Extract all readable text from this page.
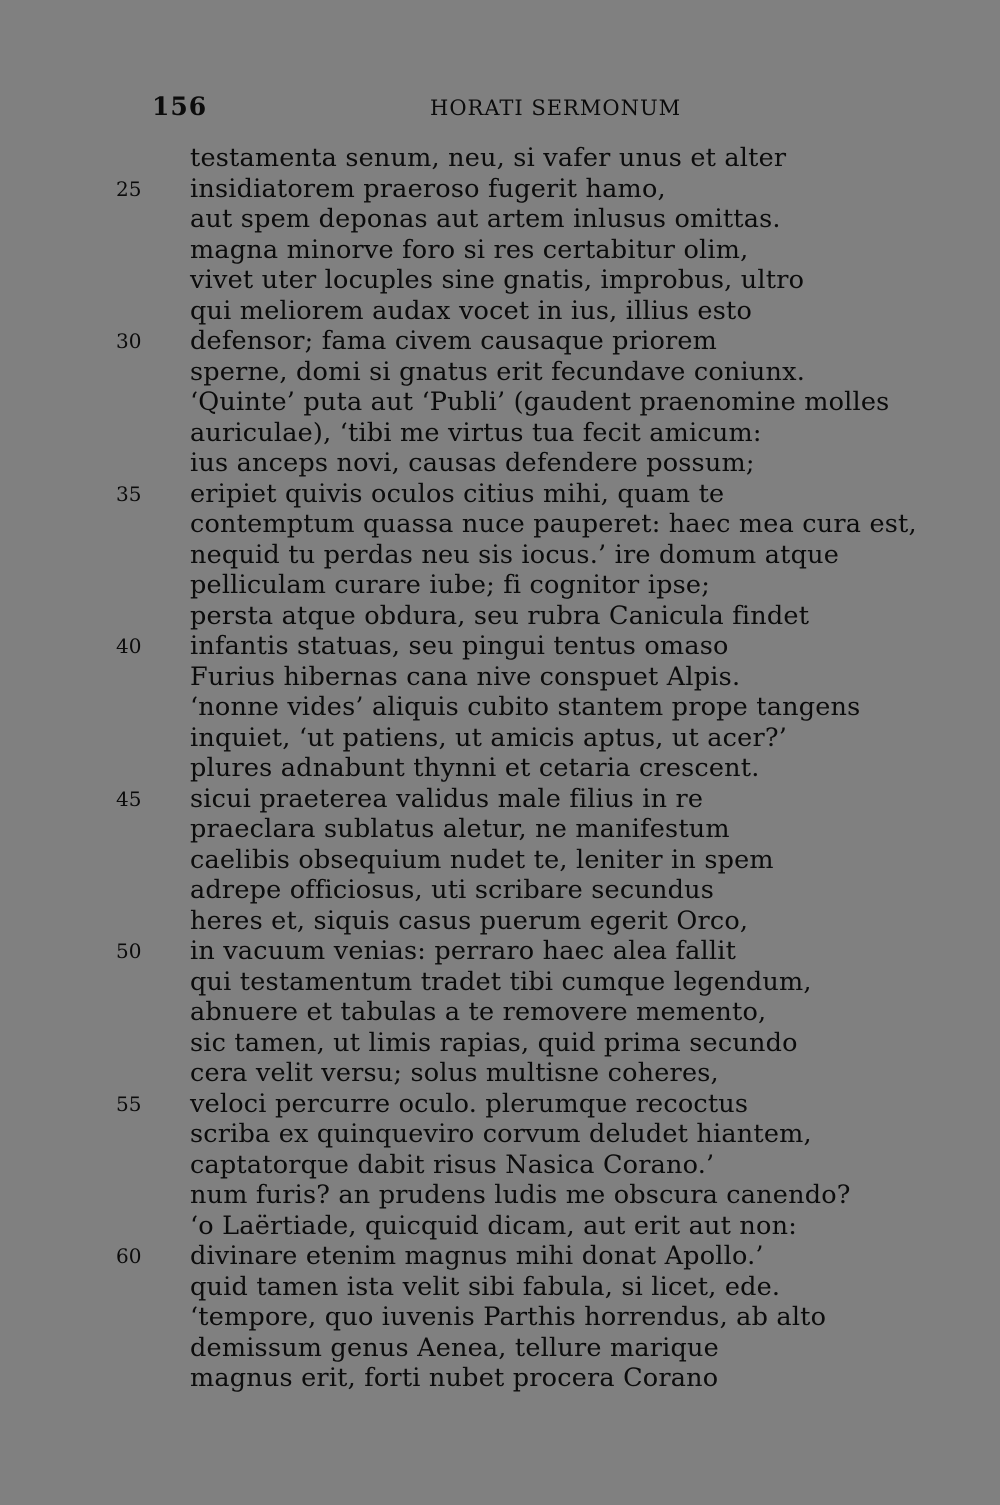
156	HORATI SERMONUM
testamenta senum, neu, si vafer unus et alter
25	insidiatorem praeroso fugerit hamo,
aut spem deponas aut artem inlusus omittas.
magna minorve foro si res certabitur olim,
vivet uter locuples sine gnatis, improbus, ultro
qui meliorem audax vocet in ius, illius esto
30	defensor; fama civem causaque priorem
sperne, domi si gnatus erit fecundave coniunx.
‘Quinte’ puta aut ‘Publi’ (gaudent praenomine molles
auriculae), ‘tibi me virtus tua fecit amicum:
ius anceps novi, causas defendere possum;
35	eripiet quivis oculos citius mihi, quam te
contemptum quassa nuce pauperet: haec mea cura est,
nequid tu perdas neu sis iocus.’ ire domum atque
pelliculam curare iube; fi cognitor ipse;
persta atque obdura, seu rubra Canicula findet
40	infantis statuas, seu pingui tentus omaso
Furius hibernas cana nive conspuet Alpis.
‘nonne vides’ aliquis cubito stantem prope tangens
inquiet, ‘ut patiens, ut amicis aptus, ut acer?’
plures adnabunt thynni et cetaria crescent.
45	sicui praeterea validus male filius in re
praeclara sublatus aletur, ne manifestum
caelibis obsequium nudet te, leniter in spem
adrepe officiosus, uti scribare secundus
heres et, siquis casus puerum egerit Orco,
50	in vacuum venias: perraro haec alea fallit
qui testamentum tradet tibi cumque legendum,
abnuere et tabulas a te removere memento,
sic tamen, ut limis rapias, quid prima secundo
cera velit versu; solus multisne coheres,
55	veloci percurre oculo. plerumque recoctus
scriba ex quinqueviro corvum deludet hiantem,
captatorque dabit risus Nasica Corano.’
num furis? an prudens ludis me obscura canendo?
‘o Laërtiade, quicquid dicam, aut erit aut non:
60	divinare etenim magnus mihi donat Apollo.’
quid tamen ista velit sibi fabula, si licet, ede.
‘tempore, quo iuvenis Parthis horrendus, ab alto
demissum genus Aenea, tellure marique
magnus erit, forti nubet procera Corano
